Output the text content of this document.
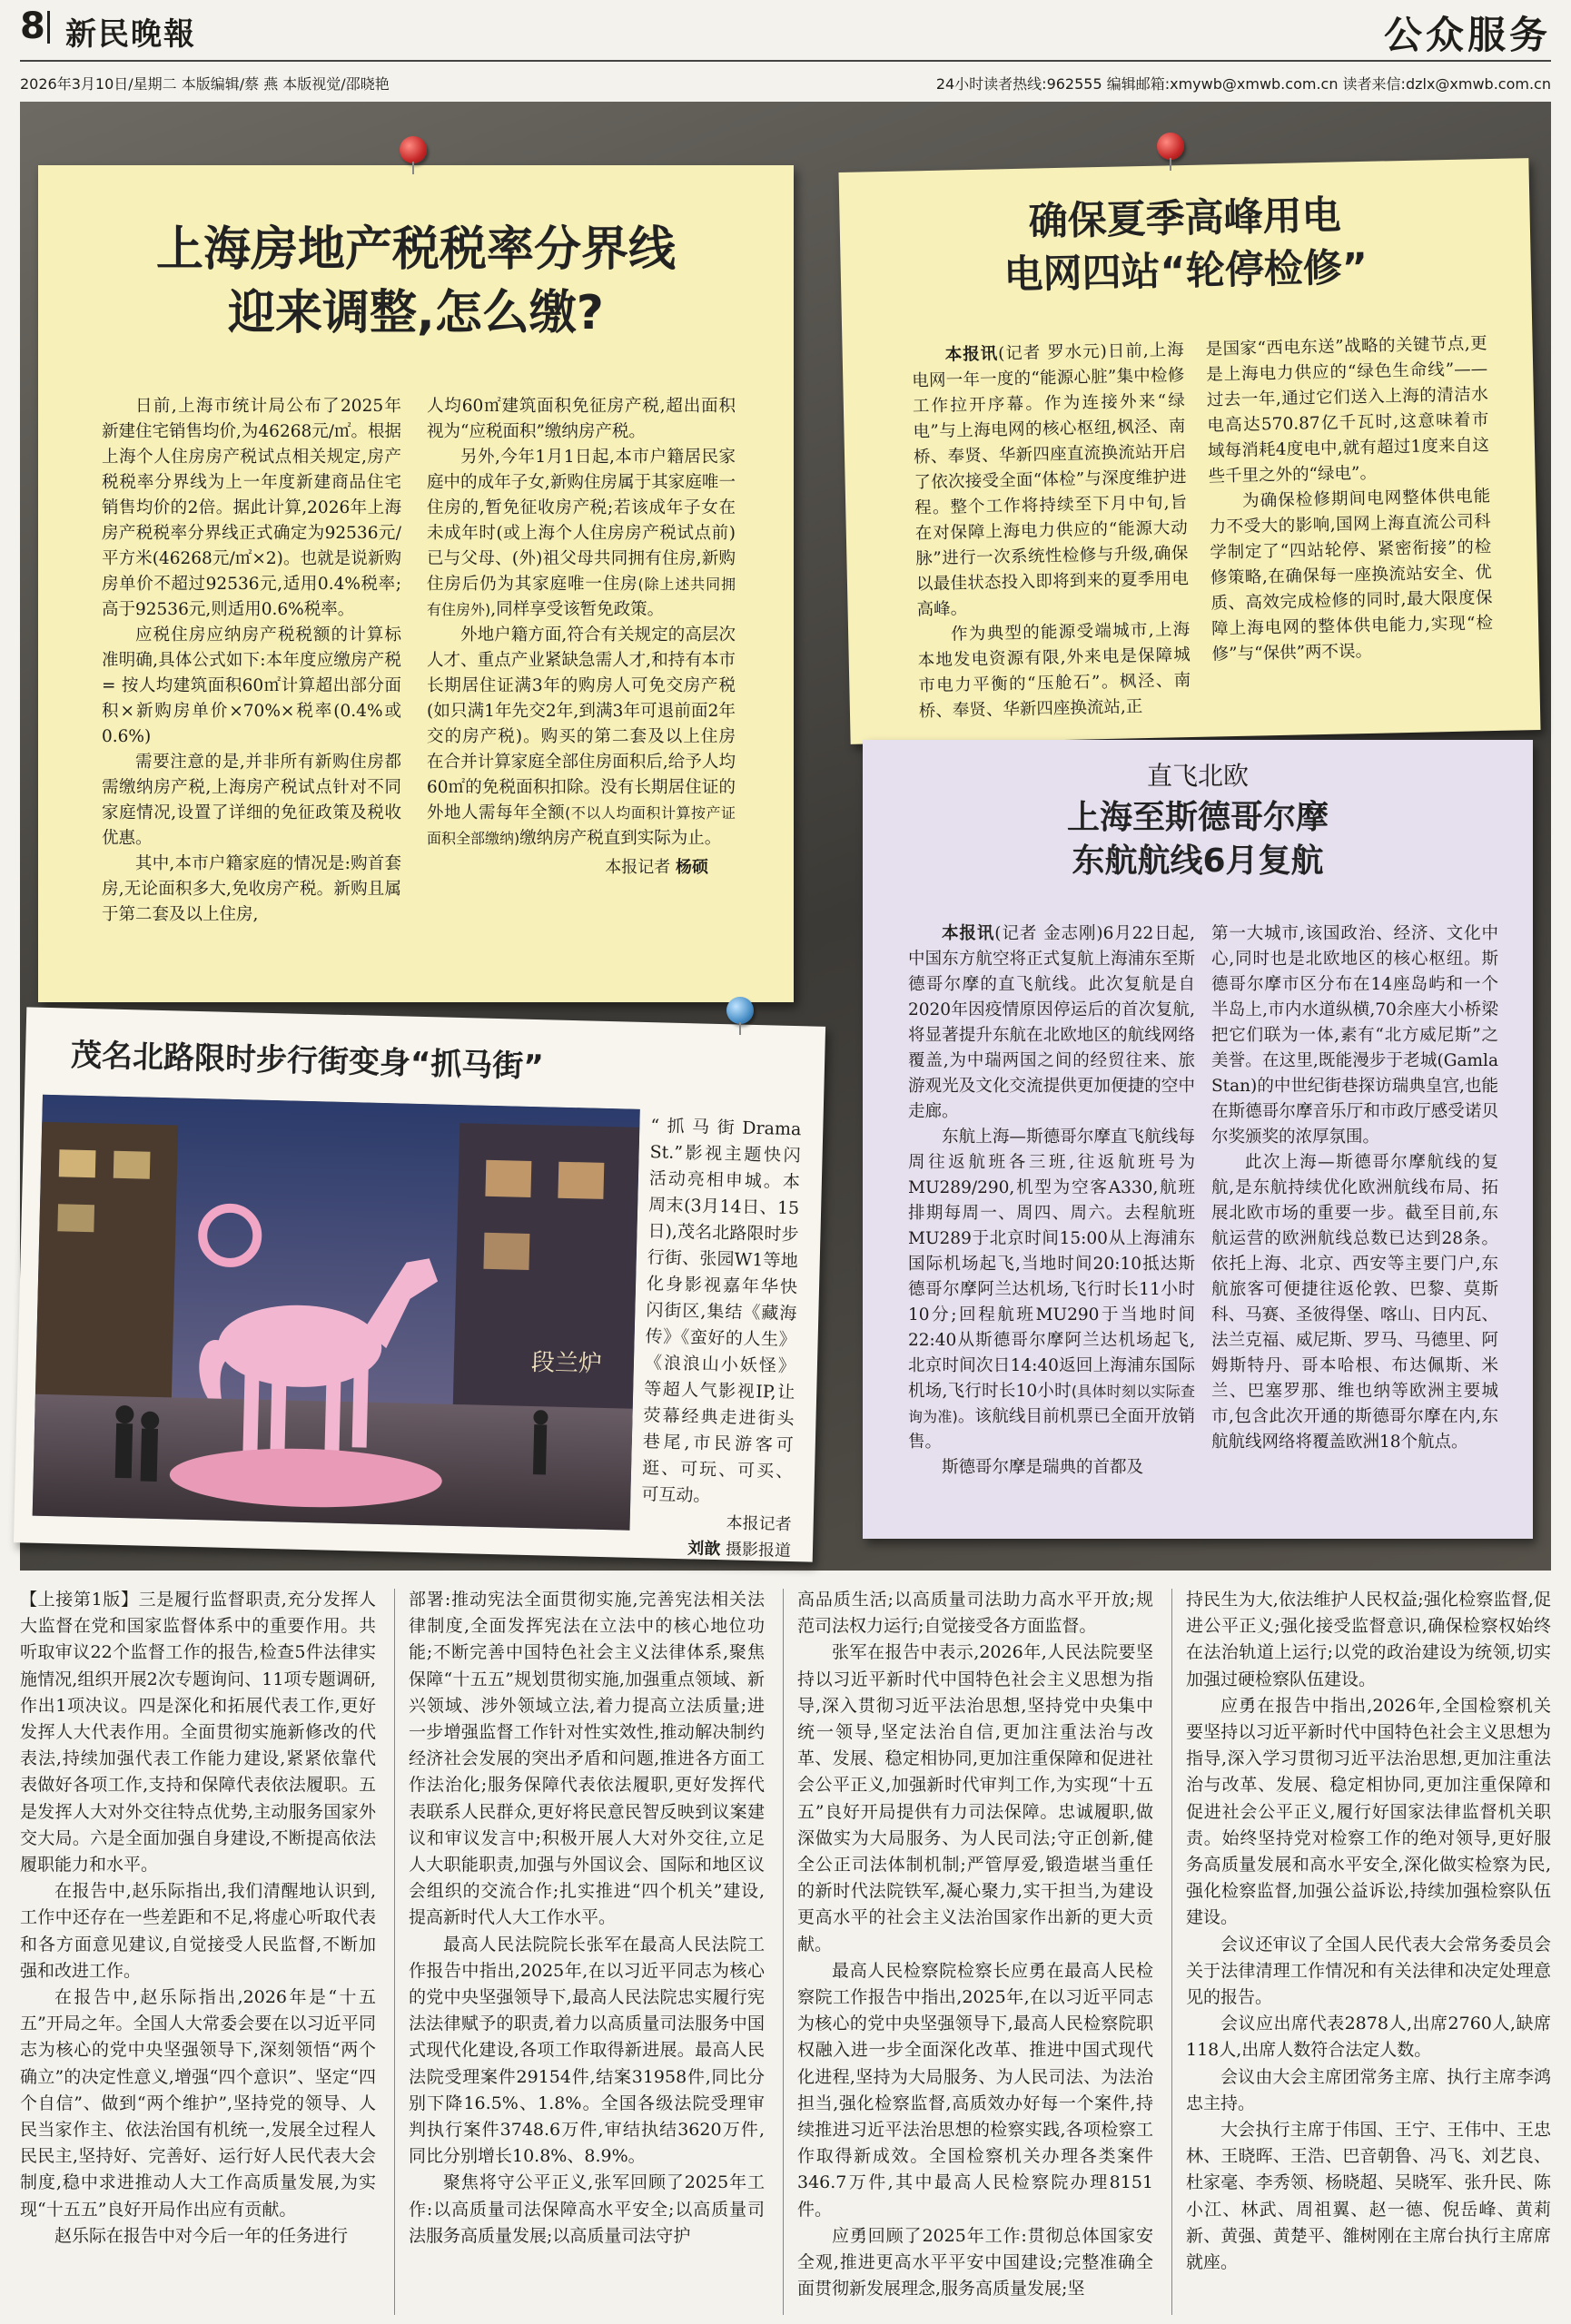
8 新民晚報	公众服务
2026年3月10日/星期二 本版编辑/蔡 燕 本版视觉/邵晓艳	24小时读者热线:962555 编辑邮箱:xmywb@xmwb.com.cn 读者来信:dzlx@xmwb.com.cn
上海房地产税税率分界线
迎来调整,怎么缴?

日前,上海市统计局公布了2025年新建住宅销售均价,为46268元/㎡。根据上海个人住房房产税试点相关规定,房产税税率分界线为上一年度新建商品住宅销售均价的2倍。据此计算,2026年上海房产税税率分界线正式确定为92536元/平方米(46268元/㎡×2)。也就是说新购房单价不超过92536元,适用0.4%税率;高于92536元,则适用0.6%税率。

应税住房应纳房产税税额的计算标准明确,具体公式如下:本年度应缴房产税 = 按人均建筑面积60㎡计算超出部分面积×新购房单价×70%×税率(0.4%或0.6%)

需要注意的是,并非所有新购住房都需缴纳房产税,上海房产税试点针对不同家庭情况,设置了详细的免征政策及税收优惠。

其中,本市户籍家庭的情况是:购首套房,无论面积多大,免收房产税。新购且属于第二套及以上住房,

人均60㎡建筑面积免征房产税,超出面积视为“应税面积”缴纳房产税。

另外,今年1月1日起,本市户籍居民家庭中的成年子女,新购住房属于其家庭唯一住房的,暂免征收房产税;若该成年子女在未成年时(或上海个人住房房产税试点前)已与父母、(外)祖父母共同拥有住房,新购住房后仍为其家庭唯一住房(除上述共同拥有住房外),同样享受该暂免政策。

外地户籍方面,符合有关规定的高层次人才、重点产业紧缺急需人才,和持有本市长期居住证满3年的购房人可免交房产税(如只满1年先交2年,到满3年可退前面2年交的房产税)。购买的第二套及以上住房在合并计算家庭全部住房面积后,给予人均60㎡的免税面积扣除。没有长期居住证的外地人需每年全额(不以人均面积计算按产证面积全部缴纳)缴纳房产税直到实际为止。

本报记者 杨硕
确保夏季高峰用电
电网四站“轮停检修”

本报讯(记者 罗水元)日前,上海电网一年一度的“能源心脏”集中检修工作拉开序幕。作为连接外来“绿电”与上海电网的核心枢纽,枫泾、南桥、奉贤、华新四座直流换流站开启了依次接受全面“体检”与深度维护进程。整个工作将持续至下月中旬,旨在对保障上海电力供应的“能源大动脉”进行一次系统性检修与升级,确保以最佳状态投入即将到来的夏季用电高峰。

作为典型的能源受端城市,上海本地发电资源有限,外来电是保障城市电力平衡的“压舱石”。枫泾、南桥、奉贤、华新四座换流站,正

是国家“西电东送”战略的关键节点,更是上海电力供应的“绿色生命线”——过去一年,通过它们送入上海的清洁水电高达570.87亿千瓦时,这意味着市域每消耗4度电中,就有超过1度来自这些千里之外的“绿电”。

为确保检修期间电网整体供电能力不受大的影响,国网上海直流公司科学制定了“四站轮停、紧密衔接”的检修策略,在确保每一座换流站安全、优质、高效完成检修的同时,最大限度保障上海电网的整体供电能力,实现“检修”与“保供”两不误。

直飞北欧
上海至斯德哥尔摩
东航航线6月复航

本报讯(记者 金志刚)6月22日起,中国东方航空将正式复航上海浦东至斯德哥尔摩的直飞航线。此次复航是自2020年因疫情原因停运后的首次复航,将显著提升东航在北欧地区的航线网络覆盖,为中瑞两国之间的经贸往来、旅游观光及文化交流提供更加便捷的空中走廊。

东航上海—斯德哥尔摩直飞航线每周往返航班各三班,往返航班号为MU289/290,机型为空客A330,航班排期每周一、周四、周六。去程航班MU289于北京时间15:00从上海浦东国际机场起飞,当地时间20:10抵达斯德哥尔摩阿兰达机场,飞行时长11小时10分;回程航班MU290于当地时间22:40从斯德哥尔摩阿兰达机场起飞,北京时间次日14:40返回上海浦东国际机场,飞行时长10小时(具体时刻以实际查询为准)。该航线目前机票已全面开放销售。

斯德哥尔摩是瑞典的首都及

第一大城市,该国政治、经济、文化中心,同时也是北欧地区的核心枢纽。斯德哥尔摩市区分布在14座岛屿和一个半岛上,市内水道纵横,70余座大小桥梁把它们联为一体,素有“北方威尼斯”之美誉。在这里,既能漫步于老城(Gamla Stan)的中世纪街巷探访瑞典皇宫,也能在斯德哥尔摩音乐厅和市政厅感受诺贝尔奖颁奖的浓厚氛围。

此次上海—斯德哥尔摩航线的复航,是东航持续优化欧洲航线布局、拓展北欧市场的重要一步。截至目前,东航运营的欧洲航线总数已达到28条。依托上海、北京、西安等主要门户,东航旅客可便捷往返伦敦、巴黎、莫斯科、马赛、圣彼得堡、喀山、日内瓦、法兰克福、威尼斯、罗马、马德里、阿姆斯特丹、哥本哈根、布达佩斯、米兰、巴塞罗那、维也纳等欧洲主要城市,包含此次开通的斯德哥尔摩在内,东航航线网络将覆盖欧洲18个航点。

茂名北路限时步行街变身“抓马街”
段兰炉

“抓马街Drama St.”影视主题快闪活动亮相申城。本周末(3月14日、15日),茂名北路限时步行街、张园W1等地化身影视嘉年华快闪街区,集结《藏海传》《蛮好的人生》《浪浪山小妖怪》等超人气影视IP,让荧幕经典走进街头巷尾,市民游客可逛、可玩、可买、可互动。

本报记者
刘歆 摄影报道

【上接第1版】三是履行监督职责,充分发挥人大监督在党和国家监督体系中的重要作用。共听取审议22个监督工作的报告,检查5件法律实施情况,组织开展2次专题询问、11项专题调研,作出1项决议。四是深化和拓展代表工作,更好发挥人大代表作用。全面贯彻实施新修改的代表法,持续加强代表工作能力建设,紧紧依靠代表做好各项工作,支持和保障代表依法履职。五是发挥人大对外交往特点优势,主动服务国家外交大局。六是全面加强自身建设,不断提高依法履职能力和水平。

在报告中,赵乐际指出,我们清醒地认识到,工作中还存在一些差距和不足,将虚心听取代表和各方面意见建议,自觉接受人民监督,不断加强和改进工作。

在报告中,赵乐际指出,2026年是“十五五”开局之年。全国人大常委会要在以习近平同志为核心的党中央坚强领导下,深刻领悟“两个确立”的决定性意义,增强“四个意识”、坚定“四个自信”、做到“两个维护”,坚持党的领导、人民当家作主、依法治国有机统一,发展全过程人民民主,坚持好、完善好、运行好人民代表大会制度,稳中求进推动人大工作高质量发展,为实现“十五五”良好开局作出应有贡献。

赵乐际在报告中对今后一年的任务进行

部署:推动宪法全面贯彻实施,完善宪法相关法律制度,全面发挥宪法在立法中的核心地位功能;不断完善中国特色社会主义法律体系,聚焦保障“十五五”规划贯彻实施,加强重点领域、新兴领域、涉外领域立法,着力提高立法质量;进一步增强监督工作针对性实效性,推动解决制约经济社会发展的突出矛盾和问题,推进各方面工作法治化;服务保障代表依法履职,更好发挥代表联系人民群众,更好将民意民智反映到议案建议和审议发言中;积极开展人大对外交往,立足人大职能职责,加强与外国议会、国际和地区议会组织的交流合作;扎实推进“四个机关”建设,提高新时代人大工作水平。

最高人民法院院长张军在最高人民法院工作报告中指出,2025年,在以习近平同志为核心的党中央坚强领导下,最高人民法院忠实履行宪法法律赋予的职责,着力以高质量司法服务中国式现代化建设,各项工作取得新进展。最高人民法院受理案件29154件,结案31958件,同比分别下降16.5%、1.8%。全国各级法院受理审判执行案件3748.6万件,审结执结3620万件,同比分别增长10.8%、8.9%。

聚焦将守公平正义,张军回顾了2025年工作:以高质量司法保障高水平安全;以高质量司法服务高质量发展;以高质量司法守护

高品质生活;以高质量司法助力高水平开放;规范司法权力运行;自觉接受各方面监督。

张军在报告中表示,2026年,人民法院要坚持以习近平新时代中国特色社会主义思想为指导,深入贯彻习近平法治思想,坚持党中央集中统一领导,坚定法治自信,更加注重法治与改革、发展、稳定相协同,更加注重保障和促进社会公平正义,加强新时代审判工作,为实现“十五五”良好开局提供有力司法保障。忠诚履职,做深做实为大局服务、为人民司法;守正创新,健全公正司法体制机制;严管厚爱,锻造堪当重任的新时代法院铁军,凝心聚力,实干担当,为建设更高水平的社会主义法治国家作出新的更大贡献。

最高人民检察院检察长应勇在最高人民检察院工作报告中指出,2025年,在以习近平同志为核心的党中央坚强领导下,最高人民检察院职权融入进一步全面深化改革、推进中国式现代化进程,坚持为大局服务、为人民司法、为法治担当,强化检察监督,高质效办好每一个案件,持续推进习近平法治思想的检察实践,各项检察工作取得新成效。全国检察机关办理各类案件346.7万件,其中最高人民检察院办理8151件。

应勇回顾了2025年工作:贯彻总体国家安全观,推进更高水平平安中国建设;完整准确全面贯彻新发展理念,服务高质量发展;坚

持民生为大,依法维护人民权益;强化检察监督,促进公平正义;强化接受监督意识,确保检察权始终在法治轨道上运行;以党的政治建设为统领,切实加强过硬检察队伍建设。

应勇在报告中指出,2026年,全国检察机关要坚持以习近平新时代中国特色社会主义思想为指导,深入学习贯彻习近平法治思想,更加注重法治与改革、发展、稳定相协同,更加注重保障和促进社会公平正义,履行好国家法律监督机关职责。始终坚持党对检察工作的绝对领导,更好服务高质量发展和高水平安全,深化做实检察为民,强化检察监督,加强公益诉讼,持续加强检察队伍建设。

会议还审议了全国人民代表大会常务委员会关于法律清理工作情况和有关法律和决定处理意见的报告。

会议应出席代表2878人,出席2760人,缺席118人,出席人数符合法定人数。

会议由大会主席团常务主席、执行主席李鸿忠主持。

大会执行主席于伟国、王宁、王伟中、王忠林、王晓晖、王浩、巴音朝鲁、冯飞、刘艺良、杜家毫、李秀领、杨晓超、吴晓军、张升民、陈小江、林武、周祖翼、赵一德、倪岳峰、黄莉新、黄强、黄楚平、雒树刚在主席台执行主席席就座。
